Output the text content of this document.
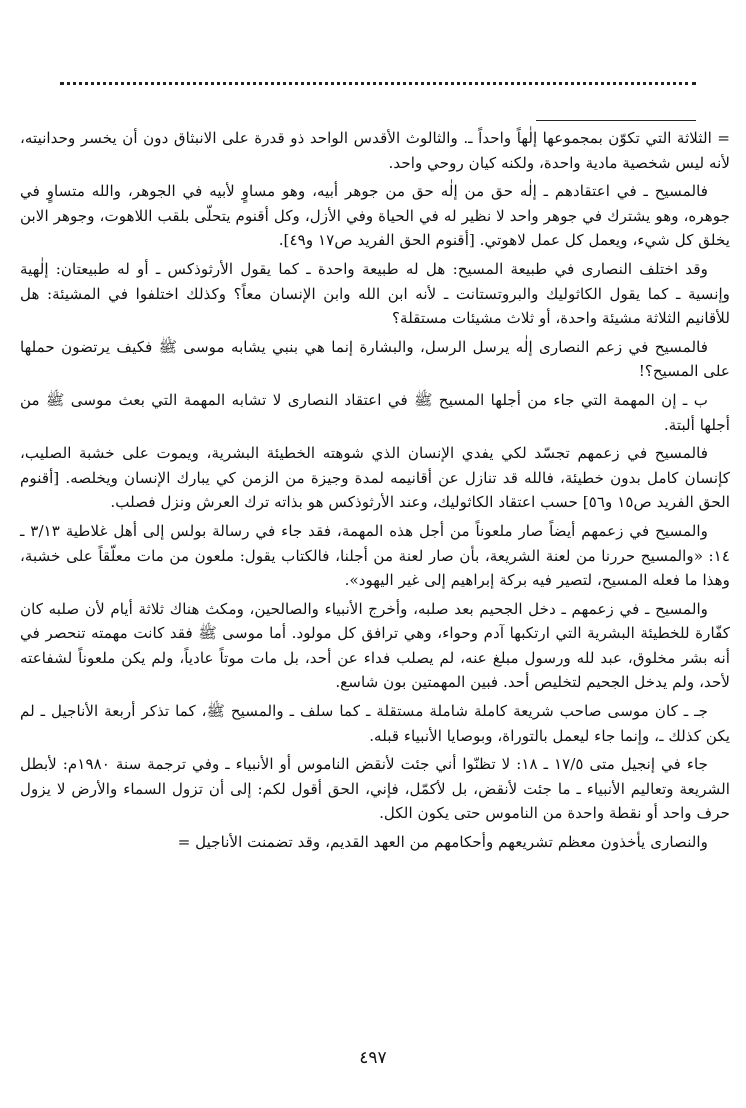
= الثلاثة التي تكوّن بمجموعها إلٰهاً واحداً ـ. والثالوث الأقدس الواحد ذو قدرة على الانبثاق دون أن يخسر وحدانيته، لأنه ليس شخصية مادية واحدة، ولكنه كيان روحي واحد.

فالمسيح ـ في اعتقادهم ـ إلٰه حق من إلٰه حق من جوهر أبيه، وهو مساوٍ لأبيه في الجوهر، والله متساوٍ في جوهره، وهو يشترك في جوهر واحد لا نظير له في الحياة وفي الأزل، وكل أقنوم يتحلّى بلقب اللاهوت، وجوهر الابن يخلق كل شيء، ويعمل كل عمل لاهوتي. [أقنوم الحق الفريد ص١٧ و٤٩].

وقد اختلف النصارى في طبيعة المسيح: هل له طبيعة واحدة ـ كما يقول الأرثوذكس ـ أو له طبيعتان: إلٰهية وإنسية ـ كما يقول الكاثوليك والبروتستانت ـ لأنه ابن الله وابن الإنسان معاً؟ وكذلك اختلفوا في المشيئة: هل للأقانيم الثلاثة مشيئة واحدة، أو ثلاث مشيئات مستقلة؟

فالمسيح في زعم النصارى إلٰه يرسل الرسل، والبشارة إنما هي بنبي يشابه موسى ﷺ فكيف يرتضون حملها على المسيح؟!

ب ـ إن المهمة التي جاء من أجلها المسيح ﷺ في اعتقاد النصارى لا تشابه المهمة التي بعث موسى ﷺ من أجلها ألبتة.

فالمسيح في زعمهم تجسّد لكي يفدي الإنسان الذي شوهته الخطيئة البشرية، ويموت على خشبة الصليب، كإنسان كامل بدون خطيئة، فالله قد تنازل عن أقانيمه لمدة وجيزة من الزمن كي يبارك الإنسان ويخلصه. [أقنوم الحق الفريد ص١٥ و٥٦] حسب اعتقاد الكاثوليك، وعند الأرثوذكس هو بذاته ترك العرش ونزل فصلب.

والمسيح في زعمهم أيضاً صار ملعوناً من أجل هذه المهمة، فقد جاء في رسالة بولس إلى أهل غلاطية ٣/١٣ ـ ١٤: «والمسيح حررنا من لعنة الشريعة، بأن صار لعنة من أجلنا، فالكتاب يقول: ملعون من مات معلّقاً على خشبة، وهذا ما فعله المسيح، لتصير فيه بركة إبراهيم إلى غير اليهود».

والمسيح ـ في زعمهم ـ دخل الجحيم بعد صلبه، وأخرج الأنبياء والصالحين، ومكث هناك ثلاثة أيام لأن صلبه كان كفّارة للخطيئة البشرية التي ارتكبها آدم وحواء، وهي ترافق كل مولود. أما موسى ﷺ فقد كانت مهمته تنحصر في أنه بشر مخلوق، عبد لله ورسول مبلغ عنه، لم يصلب فداء عن أحد، بل مات موتاً عادياً، ولم يكن ملعوناً لشفاعته لأحد، ولم يدخل الجحيم لتخليص أحد. فبين المهمتين بون شاسع.

جـ ـ كان موسى صاحب شريعة كاملة شاملة مستقلة ـ كما سلف ـ والمسيح ﷺ، كما تذكر أربعة الأناجيل ـ لم يكن كذلك ـ، وإنما جاء ليعمل بالتوراة، وبوصايا الأنبياء قبله.

جاء في إنجيل متى ١٧/٥ ـ ١٨: لا تظنّوا أني جئت لأنقض الناموس أو الأنبياء ـ وفي ترجمة سنة ١٩٨٠م: لأبطل الشريعة وتعاليم الأنبياء ـ ما جئت لأنقض، بل لأكمّل، فإني، الحق أقول لكم: إلى أن تزول السماء والأرض لا يزول حرف واحد أو نقطة واحدة من الناموس حتى يكون الكل.

والنصارى يأخذون معظم تشريعهم وأحكامهم من العهد القديم، وقد تضمنت الأناجيل =

٤٩٧
